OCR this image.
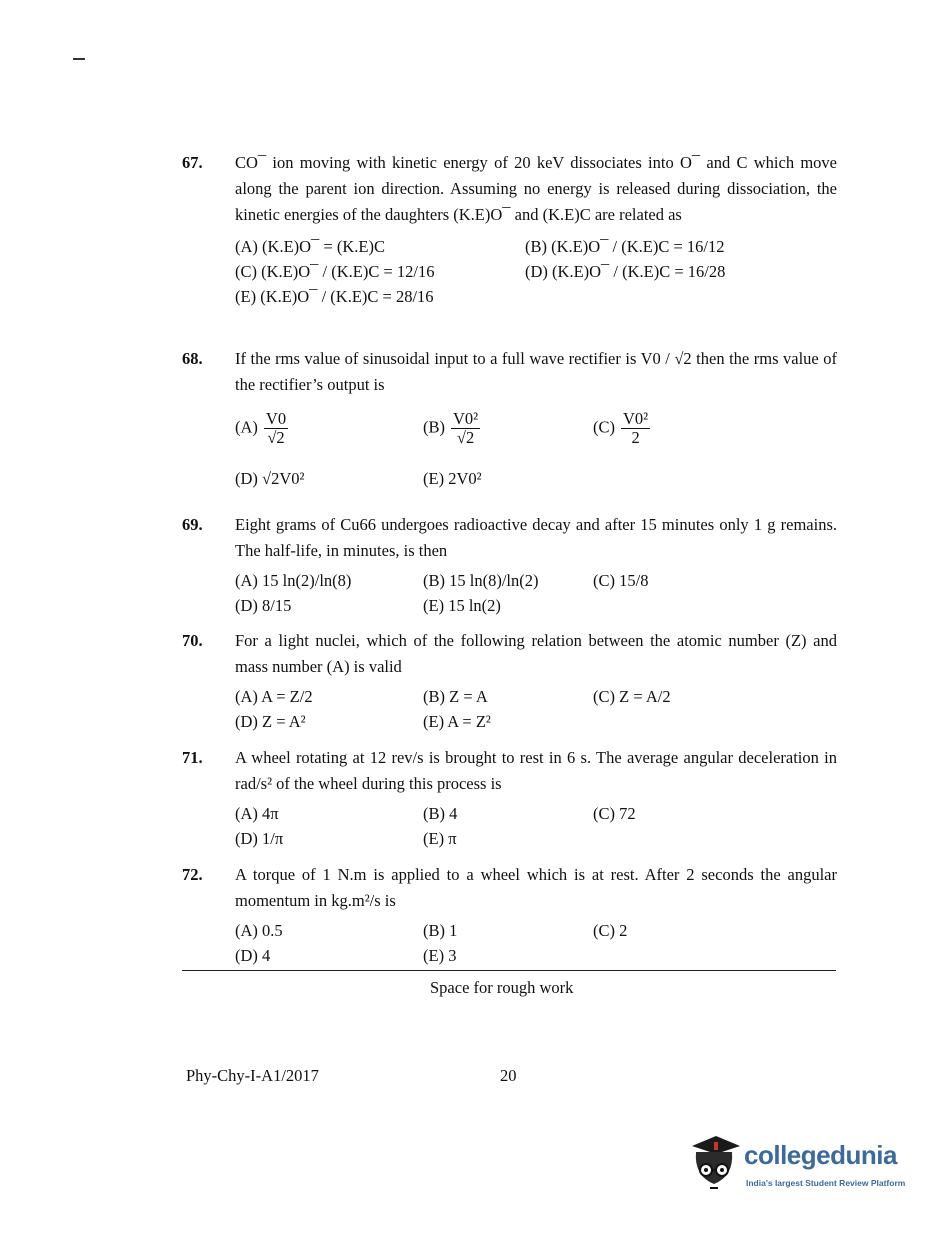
67. CO¯ ion moving with kinetic energy of 20 keV dissociates into O¯ and C which move along the parent ion direction. Assuming no energy is released during dissociation, the kinetic energies of the daughters (K.E)O¯ and (K.E)C are related as
(A) (K.E)O¯ = (K.E)C	(B) (K.E)O¯ / (K.E)C = 16/12
(C) (K.E)O¯ / (K.E)C = 12/16	(D) (K.E)O¯ / (K.E)C = 16/28
(E) (K.E)O¯ / (K.E)C = 28/16
68. If the rms value of sinusoidal input to a full wave rectifier is V0 / √2 then the rms value of the rectifier’s output is
$(A) \frac{V0}{√2}$	$(B) \frac{\text{V0²}}{√2}$	$(C) \frac{\text{V0²}}{2}$
(D) √2V0²	(E) 2V0²
69. Eight grams of Cu66 undergoes radioactive decay and after 15 minutes only 1 g remains. The half-life, in minutes, is then
(A) 15 ln(2)/ln(8)	(B) 15 ln(8)/ln(2)	(C) 15/8
(D) 8/15	(E) 15 ln(2)
70. For a light nuclei, which of the following relation between the atomic number (Z) and mass number (A) is valid
(A) A = Z/2	(B) Z = A	(C) Z = A/2
(D) Z = A²	(E) A = Z²
71. A wheel rotating at 12 rev/s is brought to rest in 6 s. The average angular deceleration in rad/s² of the wheel during this process is
(A) 4π	(B) 4	(C) 72
(D) 1/π	(E) π
72. A torque of 1 N.m is applied to a wheel which is at rest. After 2 seconds the angular momentum in kg.m²/s is
(A) 0.5	(B) 1	(C) 2
(D) 4	(E) 3
Space for rough work
Phy-Chy-I-A1/2017	20
collegedunia
India's largest Student Review Platform
